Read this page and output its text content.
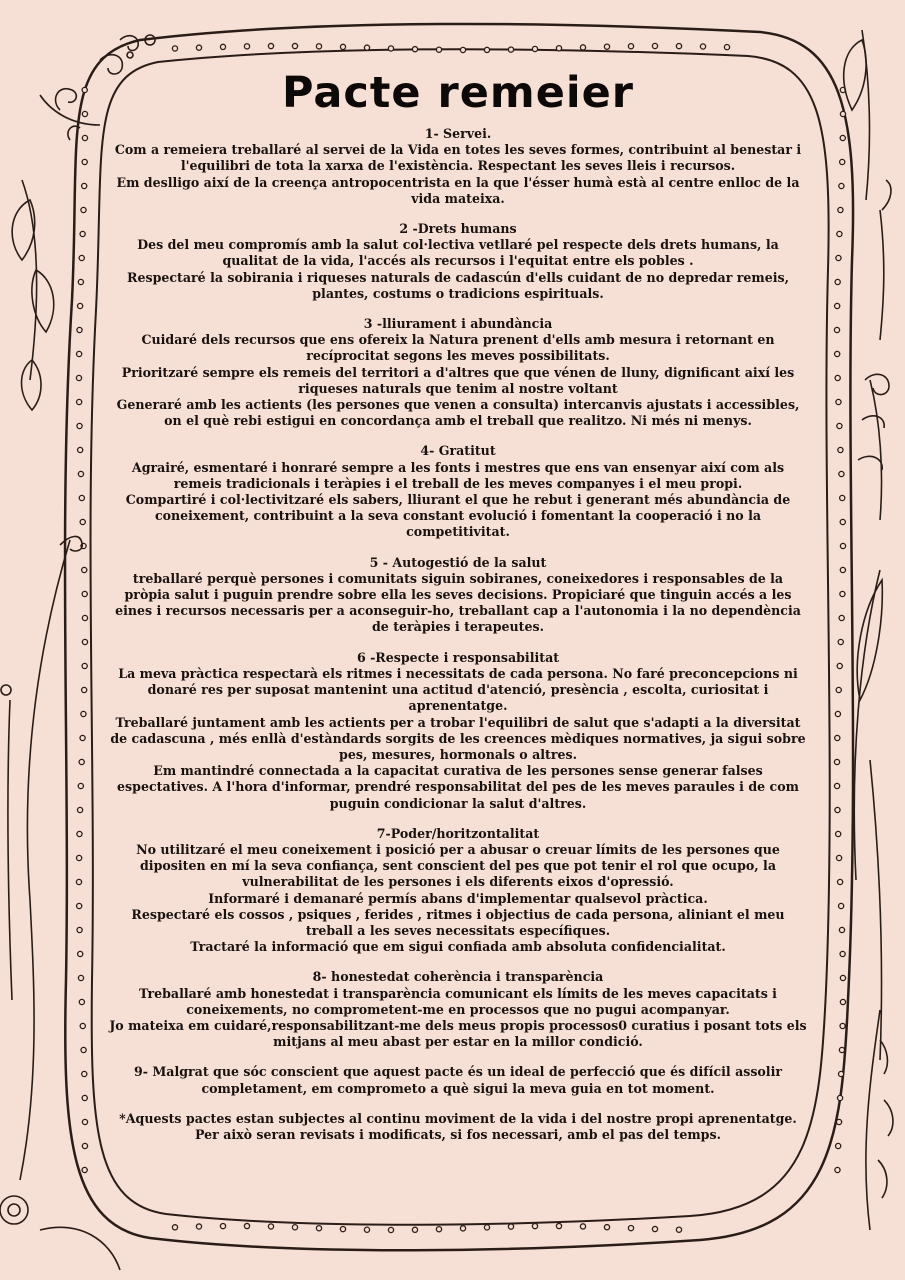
Pacte remeier
1- Servei.

Com a remeiera treballaré al servei de la Vida en totes les seves formes, contribuint al benestar i l'equilibri de tota la xarxa de l'existència. Respectant les seves lleis i recursos.

Em deslligo així de la creença antropocentrista en la que l'ésser humà està al centre enlloc de la vida mateixa.

2 -Drets humans

Des del meu compromís amb la salut col·lectiva vetllaré pel respecte dels drets humans, la qualitat de la vida, l'accés als recursos i l'equitat entre els pobles .

Respectaré la sobirania i riqueses naturals de cadascún d'ells cuidant de no depredar remeis, plantes, costums o tradicions espirituals.

3 -lliurament i abundància

Cuidaré dels recursos que ens ofereix la Natura prenent d'ells amb mesura i retornant en recíprocitat segons les meves possibilitats.

Prioritzaré sempre els remeis del territori a d'altres que que vénen de lluny, dignificant així les riqueses naturals que tenim al nostre voltant

Generaré amb les actients (les persones que venen a consulta) intercanvis ajustats i accessibles, on el què rebi estigui en concordança amb el treball que realitzo. Ni més ni menys.

4- Gratitut

Agrairé, esmentaré i honraré sempre a les fonts i mestres que ens van ensenyar així com als remeis tradicionals i teràpies i el treball de les meves companyes i el meu propi.

Compartiré i col·lectivitzaré els sabers, lliurant el que he rebut i generant més abundància de coneixement, contribuint a la seva constant evolució i fomentant la cooperació i no la competitivitat.

5 - Autogestió de la salut

treballaré perquè persones i comunitats siguin sobiranes, coneixedores i responsables de la pròpia salut i puguin prendre sobre ella les seves decisions. Propiciaré que tinguin accés a les eines i recursos necessaris per a aconseguir-ho, treballant cap a l'autonomia i la no dependència de teràpies i terapeutes.

6 -Respecte i responsabilitat

La meva pràctica respectarà els ritmes i necessitats de cada persona. No faré preconcepcions ni donaré res per suposat mantenint una actitud d'atenció, presència , escolta, curiositat i aprenentatge.

Treballaré juntament amb les actients per a trobar l'equilibri de salut que s'adapti a la diversitat de cadascuna , més enllà d'estàndards sorgits de les creences mèdiques normatives, ja sigui sobre pes, mesures, hormonals o altres.

Em mantindré connectada a la capacitat curativa de les persones sense generar falses espectatives. A l'hora d'informar, prendré responsabilitat del pes de les meves paraules i de com puguin condicionar la salut d'altres.

7-Poder/horitzontalitat

No utilitzaré el meu coneixement i posició per a abusar o creuar límits de les persones que dipositen en mí la seva confiança, sent conscient del pes que pot tenir el rol que ocupo, la vulnerabilitat de les persones i els diferents eixos d'opressió.

Informaré i demanaré permís abans d'implementar qualsevol pràctica.

Respectaré els cossos , psiques , ferides , ritmes i objectius de cada persona, aliniant el meu treball a les seves necessitats específiques.

Tractaré la informació que em sigui confiada amb absoluta confidencialitat.

8- honestedat coherència i transparència

Treballaré amb honestedat i transparència comunicant els límits de les meves capacitats i coneixements, no comprometent-me en processos que no pugui acompanyar.

Jo mateixa em cuidaré,responsabilitzant-me dels meus propis processos0 curatius i posant tots els mitjans al meu abast per estar en la millor condició.

9- Malgrat que sóc conscient que aquest pacte és un ideal de perfecció que és difícil assolir completament, em comprometo a què sigui la meva guia en tot moment.

*Aquests pactes estan subjectes al continu moviment de la vida i del nostre propi aprenentatge.

Per això seran revisats i modificats, si fos necessari, amb el pas del temps.
